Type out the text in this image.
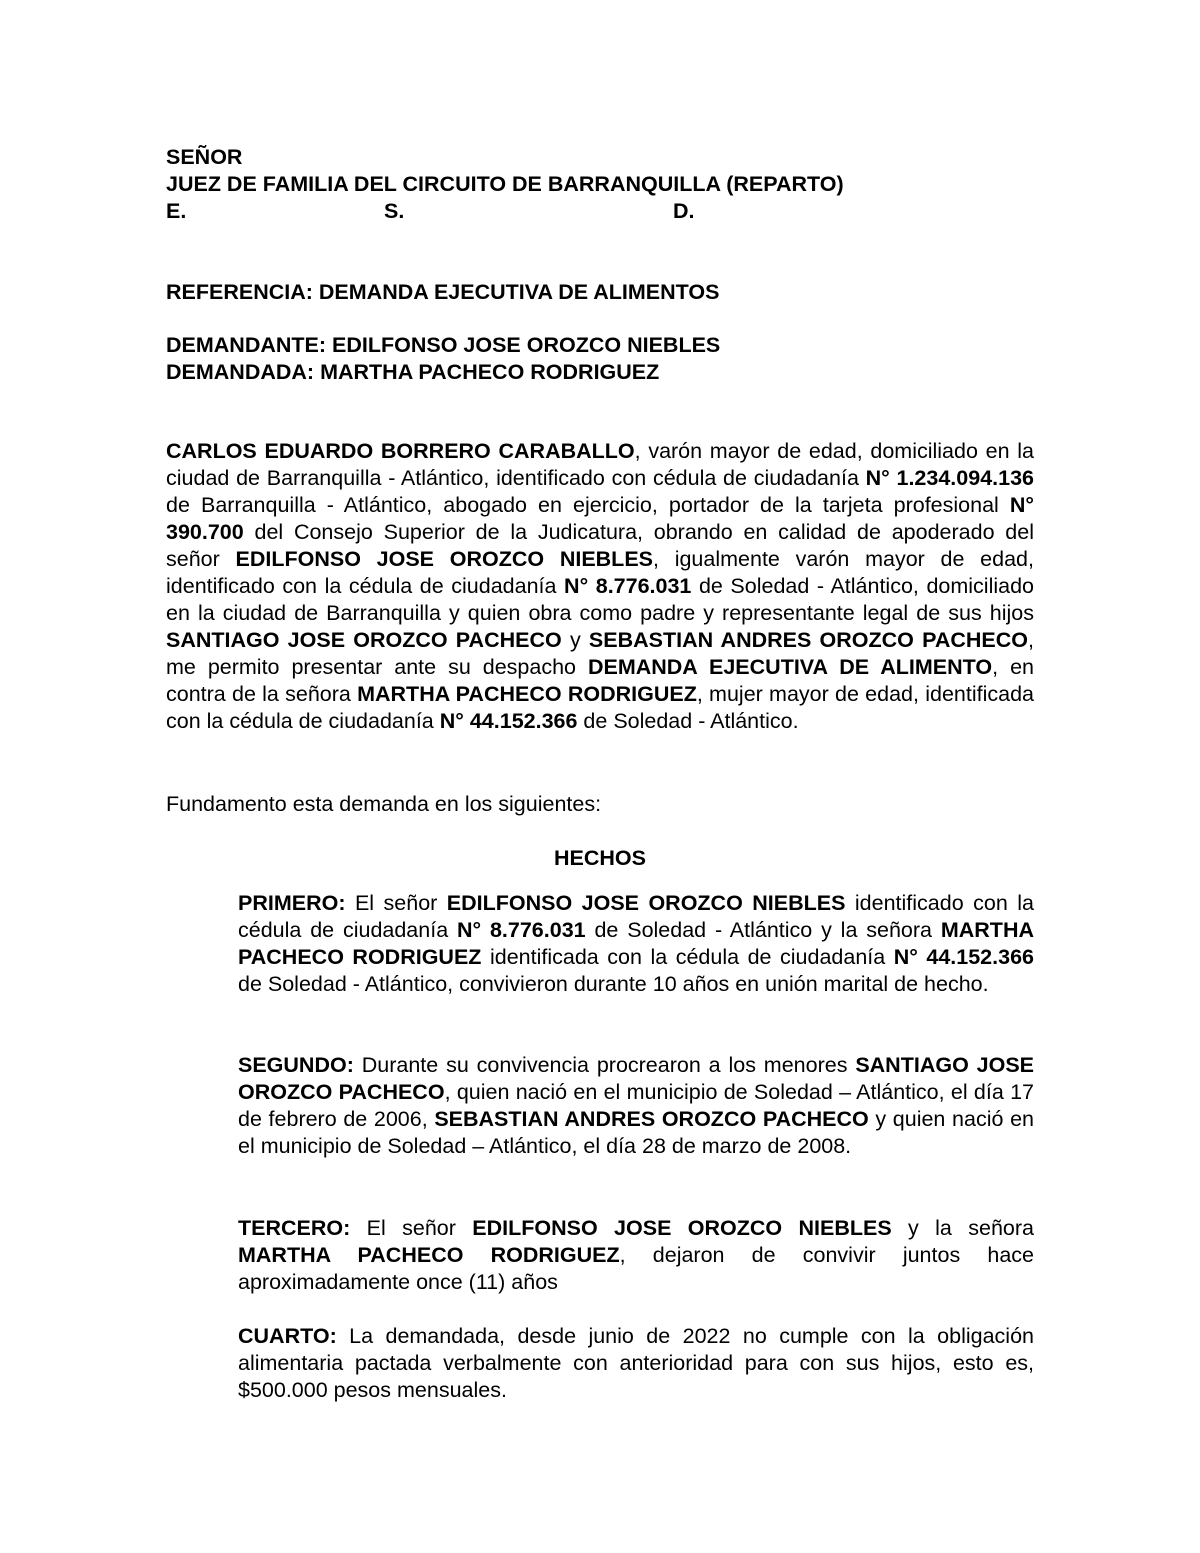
SEÑOR
JUEZ DE FAMILIA DEL CIRCUITO DE BARRANQUILLA (REPARTO)
E.	S.	D.
REFERENCIA: DEMANDA EJECUTIVA DE ALIMENTOS
DEMANDANTE: EDILFONSO JOSE OROZCO NIEBLES
DEMANDADA: MARTHA PACHECO RODRIGUEZ

CARLOS EDUARDO BORRERO CARABALLO, varón mayor de edad, domiciliado en la ciudad de Barranquilla - Atlántico, identificado con cédula de ciudadanía N° 1.234.094.136 de Barranquilla - Atlántico, abogado en ejercicio, portador de la tarjeta profesional N° 390.700 del Consejo Superior de la Judicatura, obrando en calidad de apoderado del señor EDILFONSO JOSE OROZCO NIEBLES, igualmente varón mayor de edad, identificado con la cédula de ciudadanía N° 8.776.031 de Soledad - Atlántico, domiciliado en la ciudad de Barranquilla y quien obra como padre y representante legal de sus hijos SANTIAGO JOSE OROZCO PACHECO y SEBASTIAN ANDRES OROZCO PACHECO, me permito presentar ante su despacho DEMANDA EJECUTIVA DE ALIMENTO, en contra de la señora MARTHA PACHECO RODRIGUEZ, mujer mayor de edad, identificada con la cédula de ciudadanía N° 44.152.366 de Soledad - Atlántico.

Fundamento esta demanda en los siguientes:
HECHOS

PRIMERO: El señor EDILFONSO JOSE OROZCO NIEBLES identificado con la cédula de ciudadanía N° 8.776.031 de Soledad - Atlántico y la señora MARTHA PACHECO RODRIGUEZ identificada con la cédula de ciudadanía N° 44.152.366 de Soledad - Atlántico, convivieron durante 10 años en unión marital de hecho.

SEGUNDO: Durante su convivencia procrearon a los menores SANTIAGO JOSE OROZCO PACHECO, quien nació en el municipio de Soledad – Atlántico, el día 17 de febrero de 2006, SEBASTIAN ANDRES OROZCO PACHECO y quien nació en el municipio de Soledad – Atlántico, el día 28 de marzo de 2008.

TERCERO: El señor EDILFONSO JOSE OROZCO NIEBLES y la señora MARTHA PACHECO RODRIGUEZ, dejaron de convivir juntos hace aproximadamente once (11) años

CUARTO: La demandada, desde junio de 2022 no cumple con la obligación alimentaria pactada verbalmente con anterioridad para con sus hijos, esto es, $500.000 pesos mensuales.
